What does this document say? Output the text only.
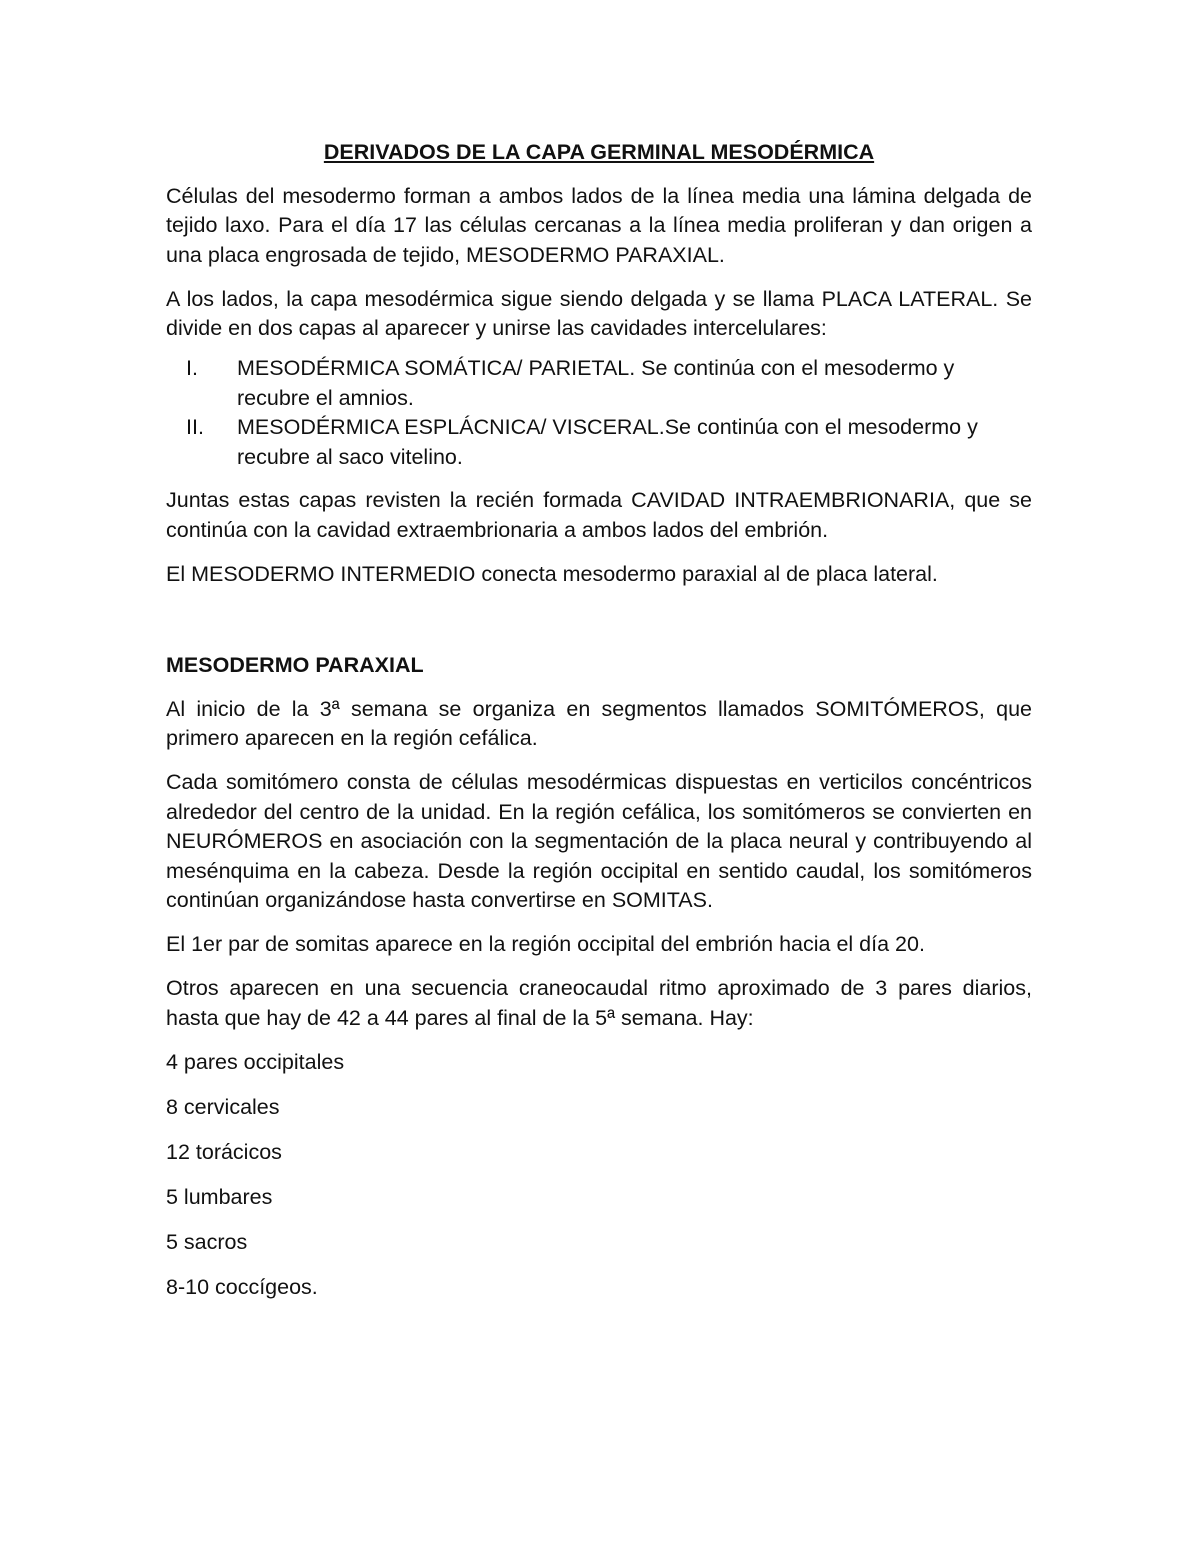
DERIVADOS DE LA CAPA GERMINAL MESODÉRMICA

Células del mesodermo forman a ambos lados de la línea media una lámina delgada de tejido laxo. Para el día 17 las células cercanas a la línea media proliferan y dan origen a una placa engrosada de tejido, MESODERMO PARAXIAL.

A los lados, la capa mesodérmica sigue siendo delgada y se llama PLACA LATERAL. Se divide en dos capas al aparecer y unirse las cavidades intercelulares:

I. MESODÉRMICA SOMÁTICA/ PARIETAL. Se continúa con el mesodermo y recubre el amnios.
II. MESODÉRMICA ESPLÁCNICA/ VISCERAL.Se continúa con el mesodermo y recubre al saco vitelino.

Juntas estas capas revisten la recién formada CAVIDAD INTRAEMBRIONARIA, que se continúa con la cavidad extraembrionaria a ambos lados del embrión.

El MESODERMO INTERMEDIO conecta mesodermo paraxial al de placa lateral.

MESODERMO PARAXIAL

Al inicio de la 3ª semana se organiza en segmentos llamados SOMITÓMEROS, que primero aparecen en la región cefálica.

Cada somitómero consta de células mesodérmicas dispuestas en verticilos concéntricos alrededor del centro de la unidad. En la región cefálica, los somitómeros se convierten en NEURÓMEROS en asociación con la segmentación de la placa neural y contribuyendo al mesénquima en la cabeza. Desde la región occipital en sentido caudal, los somitómeros continúan organizándose hasta convertirse en SOMITAS.

El 1er par de somitas aparece en la región occipital del embrión hacia el día 20.

Otros aparecen en una secuencia craneocaudal ritmo aproximado de 3 pares diarios, hasta que hay de 42 a 44 pares al final de la 5ª semana. Hay:

4 pares occipitales
8 cervicales
12 torácicos
5 lumbares
5 sacros
8-10 coccígeos.
